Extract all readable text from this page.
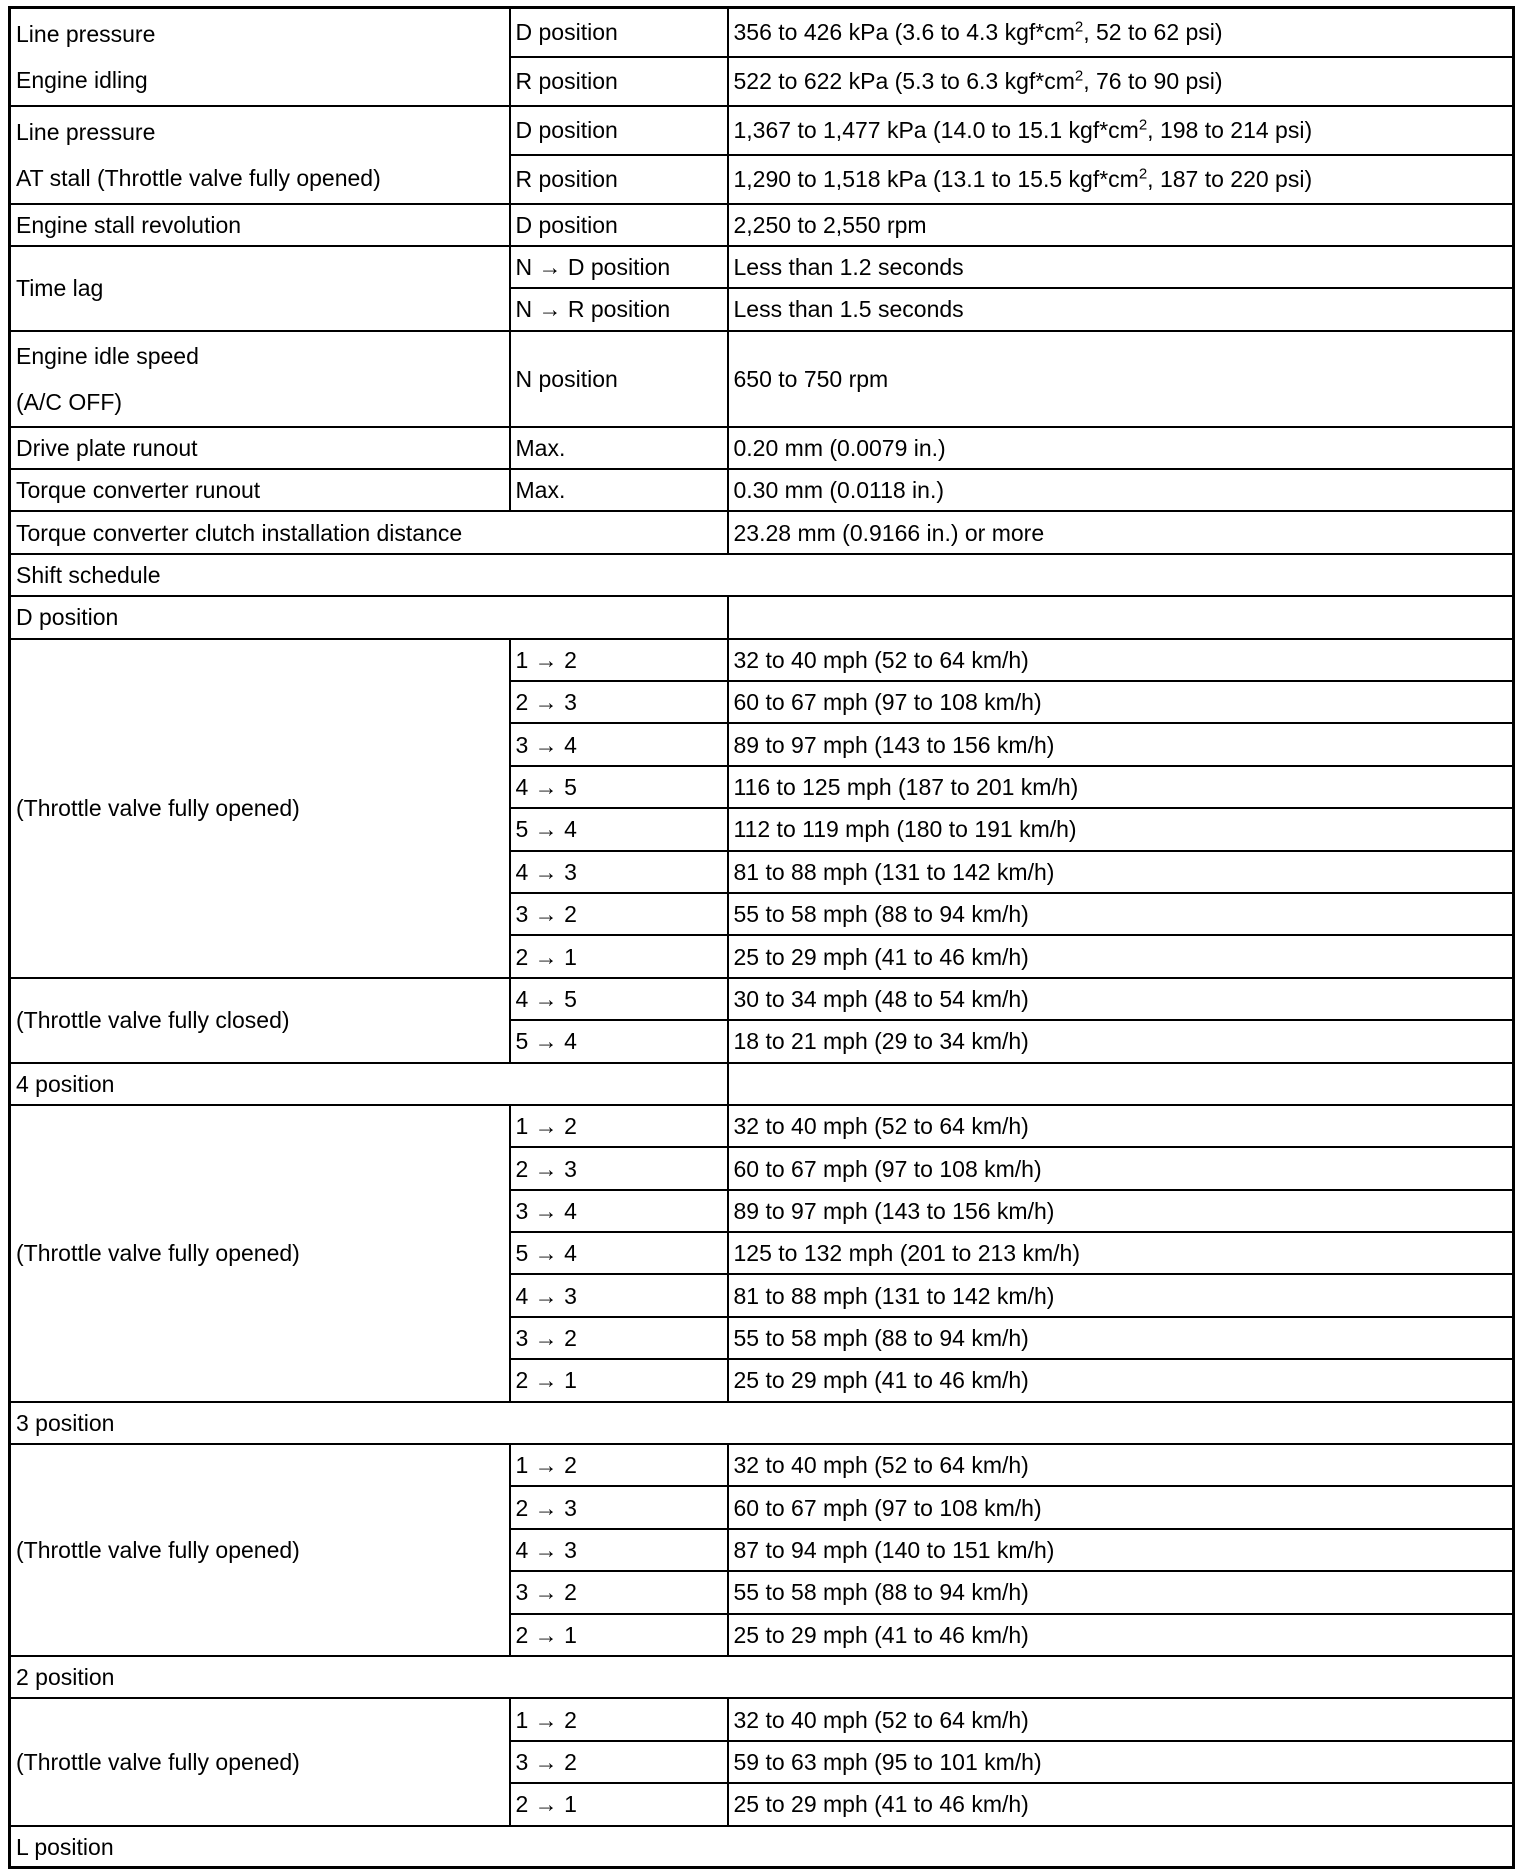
Line pressure
Engine idling	D position	356 to 426 kPa (3.6 to 4.3 $kgf*cm^2$, 52 to 62 psi)
	R position	522 to 622 kPa (5.3 to 6.3 $kgf*cm^2$, 76 to 90 psi)

Line pressure
AT stall (Throttle valve fully opened)	D position	1,367 to 1,477 kPa (14.0 to 15.1 $kgf*cm^2$, 198 to 214 psi)
	R position	1,290 to 1,518 kPa (13.1 to 15.5 $kgf*cm^2$, 187 to 220 psi)
Engine stall revolution	D position	2,250 to 2,550 rpm
Time lag	N → D position	Less than 1.2 seconds
	N → R position	Less than 1.5 seconds

Engine idle speed
(A/C OFF)	N position	650 to 750 rpm
Drive plate runout	Max.	0.20 mm (0.0079 in.)
Torque converter runout	Max.	0.30 mm (0.0118 in.)
Torque converter clutch installation distance		23.28 mm (0.9166 in.) or more
Shift schedule		
D position		
(Throttle valve fully opened)	1 → 2	32 to 40 mph (52 to 64 km/h)
	2 → 3	60 to 67 mph (97 to 108 km/h)
	3 → 4	89 to 97 mph (143 to 156 km/h)
	4 → 5	116 to 125 mph (187 to 201 km/h)
	5 → 4	112 to 119 mph (180 to 191 km/h)
	4 → 3	81 to 88 mph (131 to 142 km/h)
	3 → 2	55 to 58 mph (88 to 94 km/h)
	2 → 1	25 to 29 mph (41 to 46 km/h)
(Throttle valve fully closed)	4 → 5	30 to 34 mph (48 to 54 km/h)
	5 → 4	18 to 21 mph (29 to 34 km/h)
4 position		
(Throttle valve fully opened)	1 → 2	32 to 40 mph (52 to 64 km/h)
	2 → 3	60 to 67 mph (97 to 108 km/h)
	3 → 4	89 to 97 mph (143 to 156 km/h)
	5 → 4	125 to 132 mph (201 to 213 km/h)
	4 → 3	81 to 88 mph (131 to 142 km/h)
	3 → 2	55 to 58 mph (88 to 94 km/h)
	2 → 1	25 to 29 mph (41 to 46 km/h)
3 position		
(Throttle valve fully opened)	1 → 2	32 to 40 mph (52 to 64 km/h)
	2 → 3	60 to 67 mph (97 to 108 km/h)
	4 → 3	87 to 94 mph (140 to 151 km/h)
	3 → 2	55 to 58 mph (88 to 94 km/h)
	2 → 1	25 to 29 mph (41 to 46 km/h)
2 position		
(Throttle valve fully opened)	1 → 2	32 to 40 mph (52 to 64 km/h)
	3 → 2	59 to 63 mph (95 to 101 km/h)
	2 → 1	25 to 29 mph (41 to 46 km/h)
L position		
